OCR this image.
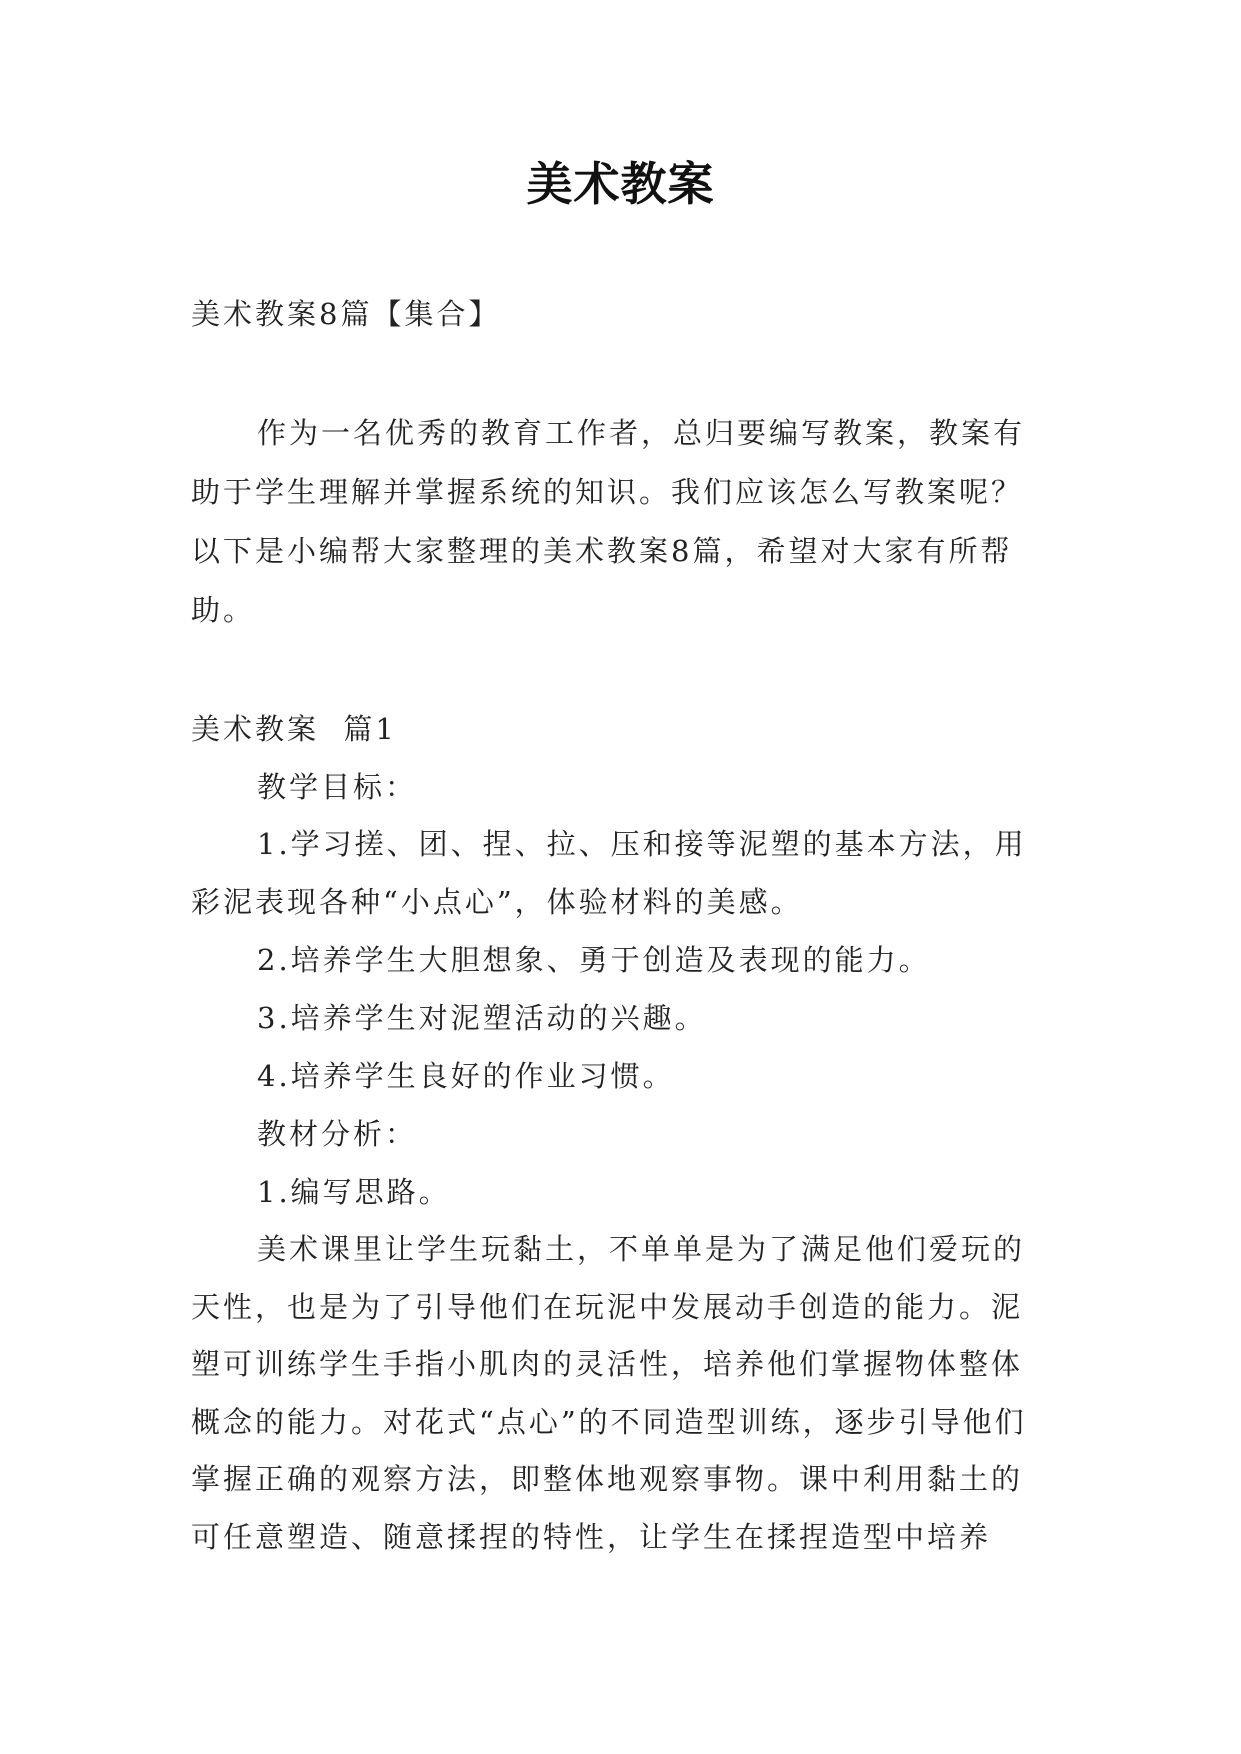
美术教案

美术教案8篇【集合】

作为一名优秀的教育工作者，总归要编写教案，教案有助于学生理解并掌握系统的知识。我们应该怎么写教案呢？以下是小编帮大家整理的美术教案8篇，希望对大家有所帮助。

美术教案  篇1

教学目标：

1.学习搓、团、捏、拉、压和接等泥塑的基本方法，用彩泥表现各种“小点心”，体验材料的美感。

2.培养学生大胆想象、勇于创造及表现的能力。

3.培养学生对泥塑活动的兴趣。

4.培养学生良好的作业习惯。

教材分析：

1.编写思路。

美术课里让学生玩黏土，不单单是为了满足他们爱玩的天性，也是为了引导他们在玩泥中发展动手创造的能力。泥塑可训练学生手指小肌肉的灵活性，培养他们掌握物体整体概念的能力。对花式“点心”的不同造型训练，逐步引导他们掌握正确的观察方法，即整体地观察事物。课中利用黏土的可任意塑造、随意揉捏的特性，让学生在揉捏造型中培养
